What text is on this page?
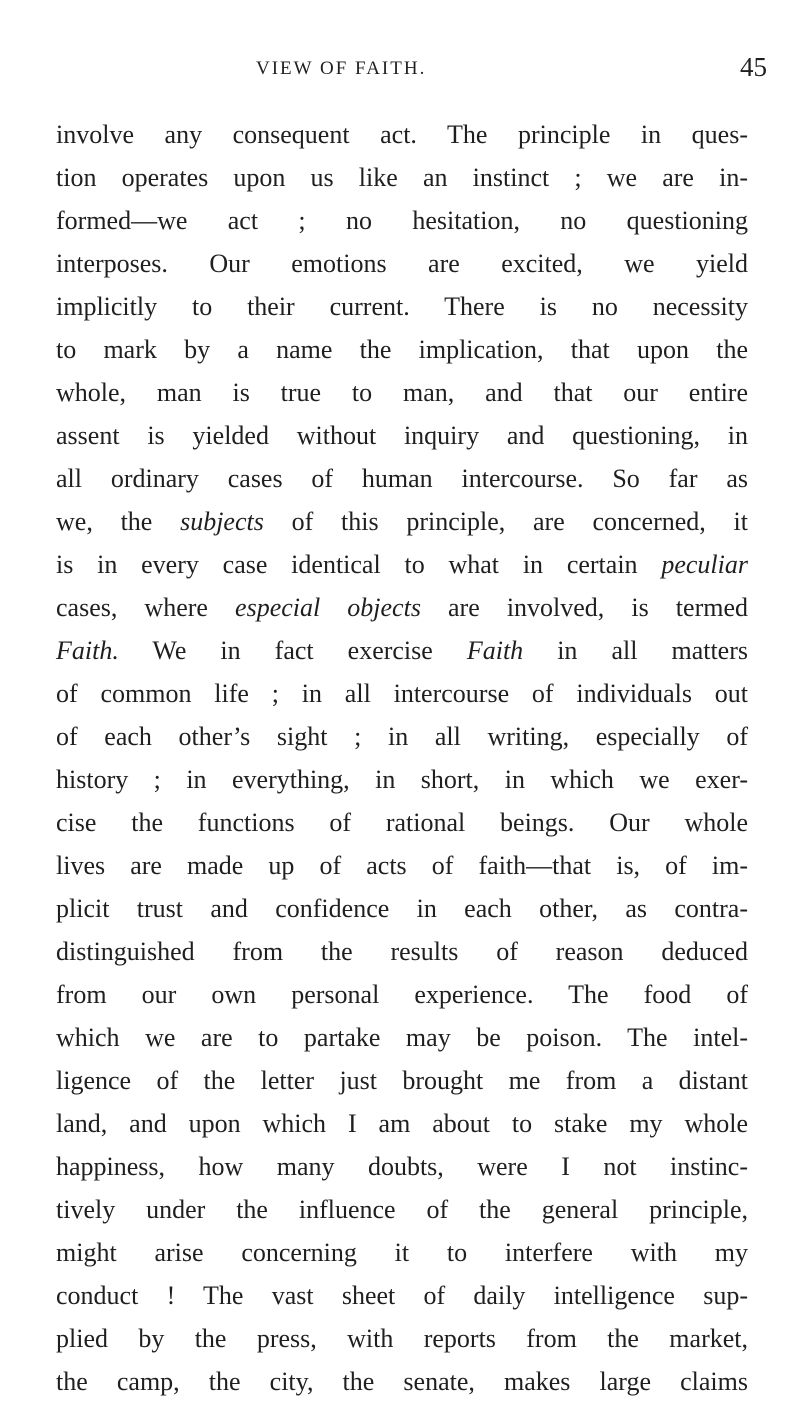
VIEW OF FAITH.	45
involve any consequent act. The principle in ques-
tion operates upon us like an instinct ; we are in-
formed—we act ; no hesitation, no questioning
interposes. Our emotions are excited, we yield
implicitly to their current. There is no necessity
to mark by a name the implication, that upon the
whole, man is true to man, and that our entire
assent is yielded without inquiry and questioning, in
all ordinary cases of human intercourse. So far as
we, the subjects of this principle, are concerned, it
is in every case identical to what in certain peculiar
cases, where especial objects are involved, is termed
Faith. We in fact exercise Faith in all matters
of common life ; in all intercourse of individuals out
of each other’s sight ; in all writing, especially of
history ; in everything, in short, in which we exer-
cise the functions of rational beings. Our whole
lives are made up of acts of faith—that is, of im-
plicit trust and confidence in each other, as contra-
distinguished from the results of reason deduced
from our own personal experience. The food of
which we are to partake may be poison. The intel-
ligence of the letter just brought me from a distant
land, and upon which I am about to stake my whole
happiness, how many doubts, were I not instinc-
tively under the influence of the general principle,
might arise concerning it to interfere with my
conduct ! The vast sheet of daily intelligence sup-
plied by the press, with reports from the market,
the camp, the city, the senate, makes large claims
